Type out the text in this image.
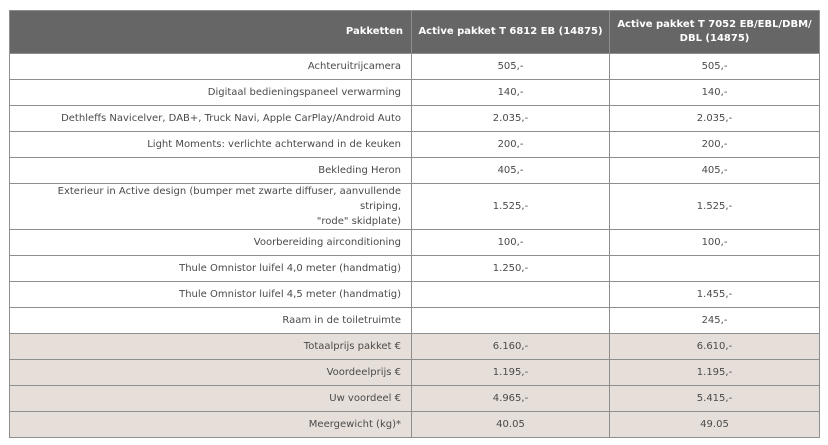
Pakketten	Active pakket T 6812 EB (14875)	Active pakket T 7052 EB/EBL/DBM/
DBL (14875)
Achteruitrijcamera	505,-	505,-
Digitaal bedieningspaneel verwarming	140,-	140,-
Dethleffs Navicelver, DAB+, Truck Navi, Apple CarPlay/Android Auto	2.035,-	2.035,-
Light Moments: verlichte achterwand in de keuken	200,-	200,-
Bekleding Heron	405,-	405,-
Exterieur in Active design (bumper met zwarte diffuser, aanvullende striping,
"rode" skidplate)	1.525,-	1.525,-
Voorbereiding airconditioning	100,-	100,-
Thule Omnistor luifel 4,0 meter (handmatig)	1.250,-	
Thule Omnistor luifel 4,5 meter (handmatig)		1.455,-
Raam in de toiletruimte		245,-
Totaalprijs pakket €	6.160,-	6.610,-
Voordeelprijs €	1.195,-	1.195,-
Uw voordeel €	4.965,-	5.415,-
Meergewicht (kg)*	40.05	49.05
